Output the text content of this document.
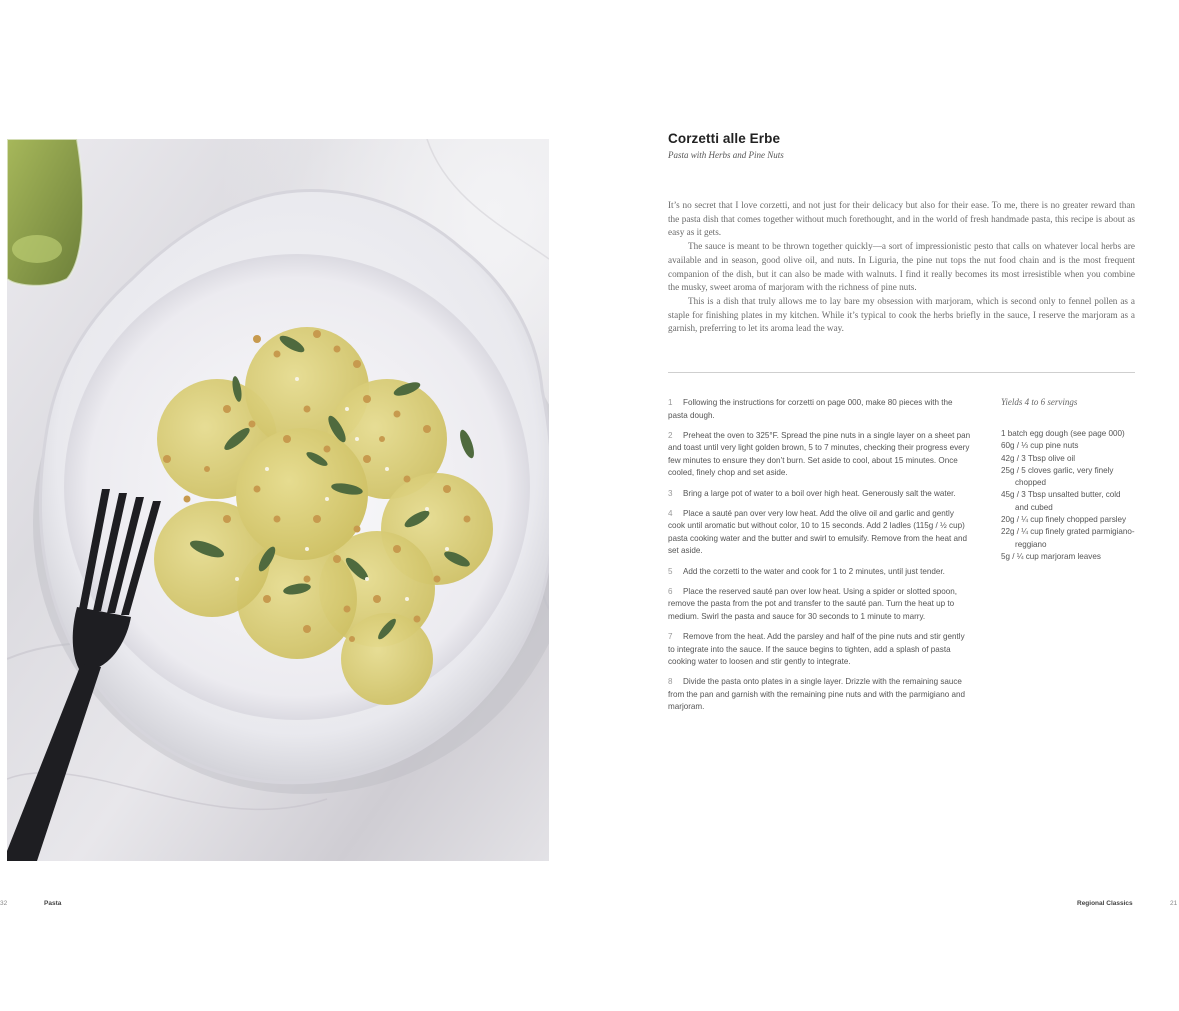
Corzetti alle Erbe
Pasta with Herbs and Pine Nuts

It’s no secret that I love corzetti, and not just for their delicacy but also for their ease. To me, there is no greater reward than the pasta dish that comes together without much forethought, and in the world of fresh handmade pasta, this recipe is about as easy as it gets.

The sauce is meant to be thrown together quickly—a sort of impressionistic pesto that calls on whatever local herbs are available and in season, good olive oil, and nuts. In Liguria, the pine nut tops the nut food chain and is the most frequent companion of the dish, but it can also be made with walnuts. I find it really becomes its most irresistible when you combine the musky, sweet aroma of marjoram with the richness of pine nuts.

This is a dish that truly allows me to lay bare my obsession with marjoram, which is second only to fennel pollen as a staple for finishing plates in my kitchen. While it’s typical to cook the herbs briefly in the sauce, I reserve the marjoram as a garnish, preferring to let its aroma lead the way.

1 Following the instructions for corzetti on page 000, make 80 pieces with the pasta dough.
2 Preheat the oven to 325°F. Spread the pine nuts in a single layer on a sheet pan and toast until very light golden brown, 5 to 7 minutes, checking their progress every few minutes to ensure they don’t burn. Set aside to cool, about 15 minutes. Once cooled, finely chop and set aside.
3 Bring a large pot of water to a boil over high heat. Generously salt the water.
4 Place a sauté pan over very low heat. Add the olive oil and garlic and gently cook until aromatic but without color, 10 to 15 seconds. Add 2 ladles (115g / ½ cup) pasta cooking water and the butter and swirl to emulsify. Remove from the heat and set aside.
5 Add the corzetti to the water and cook for 1 to 2 minutes, until just tender.
6 Place the reserved sauté pan over low heat. Using a spider or slotted spoon, remove the pasta from the pot and transfer to the sauté pan. Turn the heat up to medium. Swirl the pasta and sauce for 30 seconds to 1 minute to marry.
7 Remove from the heat. Add the parsley and half of the pine nuts and stir gently to integrate into the sauce. If the sauce begins to tighten, add a splash of pasta cooking water to loosen and stir gently to integrate.
8 Divide the pasta onto plates in a single layer. Drizzle with the remaining sauce from the pan and garnish with the remaining pine nuts and with the parmigiano and marjoram.
Yields 4 to 6 servings
1 batch egg dough (see page 000)
60g / ⅓ cup pine nuts
42g / 3 Tbsp olive oil
25g / 5 cloves garlic, very finely chopped
45g / 3 Tbsp unsalted butter, cold and cubed
20g / ¼ cup finely chopped parsley
22g / ¼ cup finely grated parmigiano-reggiano
5g / ¼ cup marjoram leaves
32	Pasta	Regional Classics	21
